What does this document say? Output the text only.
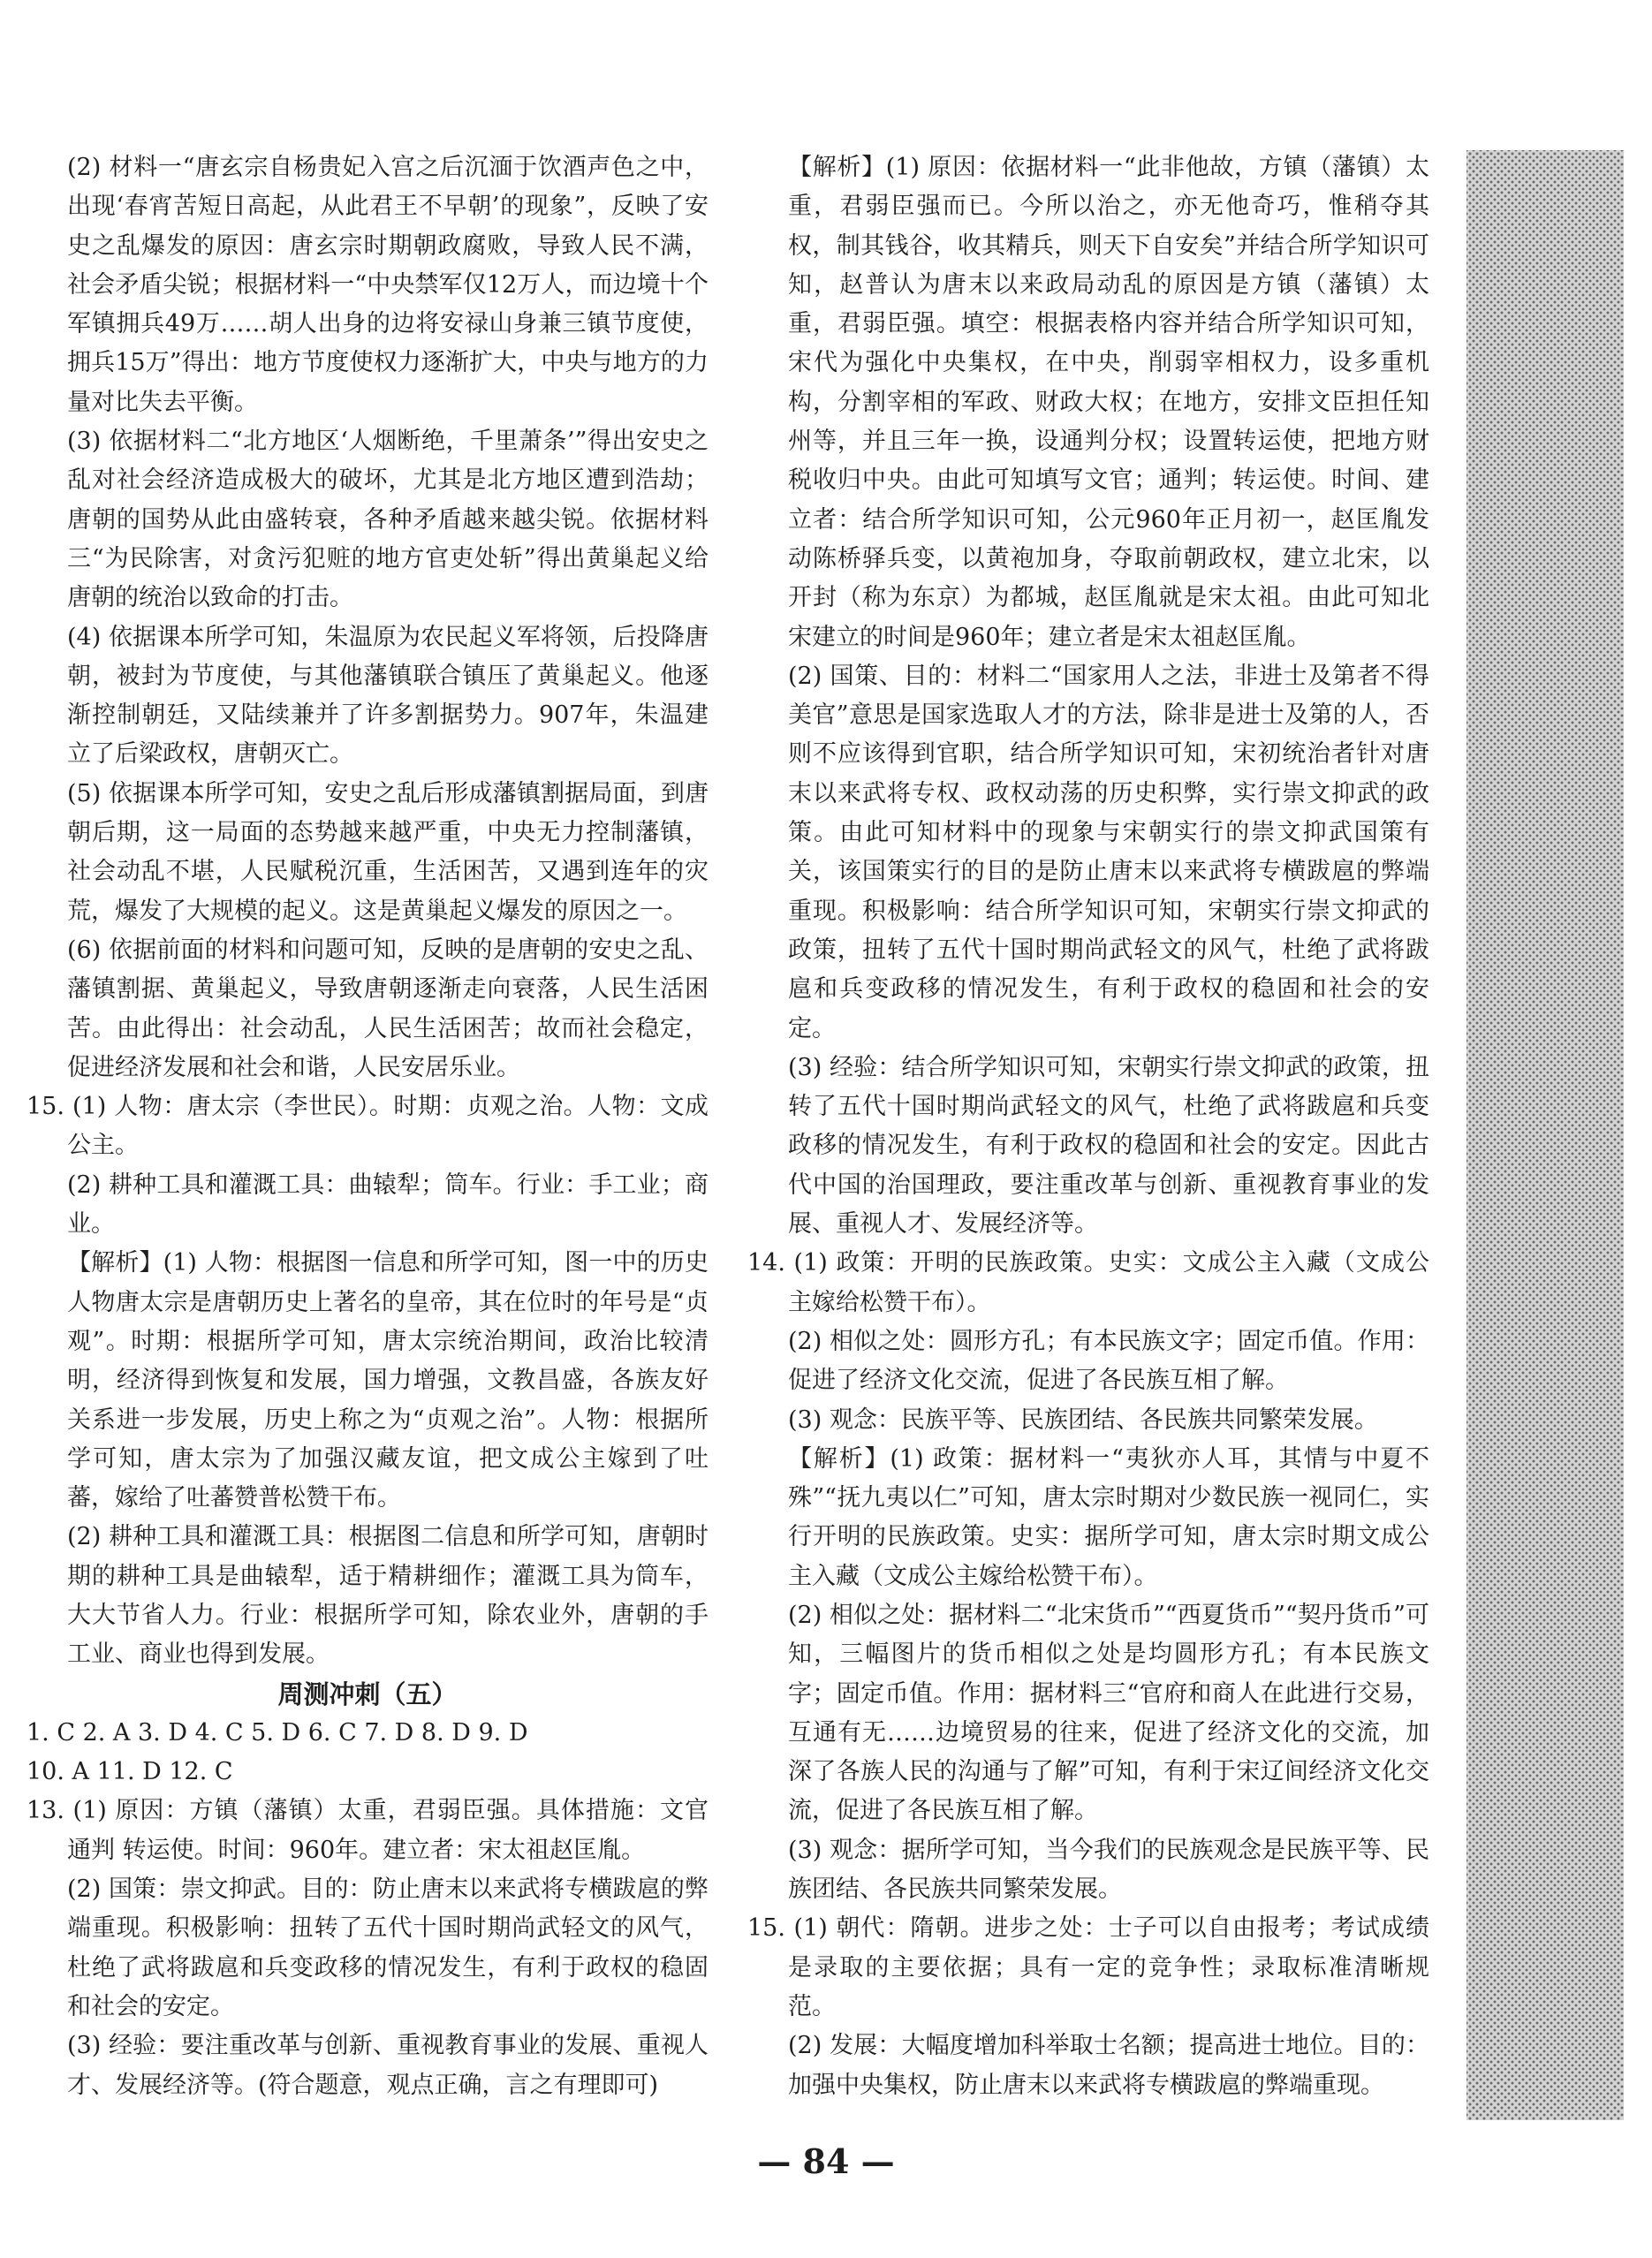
(2) 材料一“唐玄宗自杨贵妃入宫之后沉湎于饮酒声色之中，出现‘春宵苦短日高起，从此君王不早朝’的现象”，反映了安史之乱爆发的原因：唐玄宗时期朝政腐败，导致人民不满，社会矛盾尖锐；根据材料一“中央禁军仅12万人，而边境十个军镇拥兵49万……胡人出身的边将安禄山身兼三镇节度使，拥兵15万”得出：地方节度使权力逐渐扩大，中央与地方的力量对比失去平衡。

(3) 依据材料二“北方地区‘人烟断绝，千里萧条’”得出安史之乱对社会经济造成极大的破坏，尤其是北方地区遭到浩劫；唐朝的国势从此由盛转衰，各种矛盾越来越尖锐。依据材料三“为民除害，对贪污犯赃的地方官吏处斩”得出黄巢起义给唐朝的统治以致命的打击。

(4) 依据课本所学可知，朱温原为农民起义军将领，后投降唐朝，被封为节度使，与其他藩镇联合镇压了黄巢起义。他逐渐控制朝廷，又陆续兼并了许多割据势力。907年，朱温建立了后梁政权，唐朝灭亡。

(5) 依据课本所学可知，安史之乱后形成藩镇割据局面，到唐朝后期，这一局面的态势越来越严重，中央无力控制藩镇，社会动乱不堪，人民赋税沉重，生活困苦，又遇到连年的灾荒，爆发了大规模的起义。这是黄巢起义爆发的原因之一。

(6) 依据前面的材料和问题可知，反映的是唐朝的安史之乱、藩镇割据、黄巢起义，导致唐朝逐渐走向衰落，人民生活困苦。由此得出：社会动乱，人民生活困苦；故而社会稳定，促进经济发展和社会和谐，人民安居乐业。

15. (1) 人物：唐太宗（李世民）。时期：贞观之治。人物：文成公主。

(2) 耕种工具和灌溉工具：曲辕犁；筒车。行业：手工业；商业。

【解析】(1) 人物：根据图一信息和所学可知，图一中的历史人物唐太宗是唐朝历史上著名的皇帝，其在位时的年号是“贞观”。时期：根据所学可知，唐太宗统治期间，政治比较清明，经济得到恢复和发展，国力增强，文教昌盛，各族友好关系进一步发展，历史上称之为“贞观之治”。人物：根据所学可知，唐太宗为了加强汉藏友谊，把文成公主嫁到了吐蕃，嫁给了吐蕃赞普松赞干布。

(2) 耕种工具和灌溉工具：根据图二信息和所学可知，唐朝时期的耕种工具是曲辕犁，适于精耕细作；灌溉工具为筒车，大大节省人力。行业：根据所学可知，除农业外，唐朝的手工业、商业也得到发展。

周测冲刺（五）

1. C 2. A 3. D 4. C 5. D 6. C 7. D 8. D 9. D

10. A 11. D 12. C

13. (1) 原因：方镇（藩镇）太重，君弱臣强。具体措施：文官 通判 转运使。时间：960年。建立者：宋太祖赵匡胤。

(2) 国策：崇文抑武。目的：防止唐末以来武将专横跋扈的弊端重现。积极影响：扭转了五代十国时期尚武轻文的风气，杜绝了武将跋扈和兵变政移的情况发生，有利于政权的稳固和社会的安定。

(3) 经验：要注重改革与创新、重视教育事业的发展、重视人才、发展经济等。(符合题意，观点正确，言之有理即可)

【解析】(1) 原因：依据材料一“此非他故，方镇（藩镇）太重，君弱臣强而已。今所以治之，亦无他奇巧，惟稍夺其权，制其钱谷，收其精兵，则天下自安矣”并结合所学知识可知，赵普认为唐末以来政局动乱的原因是方镇（藩镇）太重，君弱臣强。填空：根据表格内容并结合所学知识可知，宋代为强化中央集权，在中央，削弱宰相权力，设多重机构，分割宰相的军政、财政大权；在地方，安排文臣担任知州等，并且三年一换，设通判分权；设置转运使，把地方财税收归中央。由此可知填写文官；通判；转运使。时间、建立者：结合所学知识可知，公元960年正月初一，赵匡胤发动陈桥驿兵变，以黄袍加身，夺取前朝政权，建立北宋，以开封（称为东京）为都城，赵匡胤就是宋太祖。由此可知北宋建立的时间是960年；建立者是宋太祖赵匡胤。

(2) 国策、目的：材料二“国家用人之法，非进士及第者不得美官”意思是国家选取人才的方法，除非是进士及第的人，否则不应该得到官职，结合所学知识可知，宋初统治者针对唐末以来武将专权、政权动荡的历史积弊，实行崇文抑武的政策。由此可知材料中的现象与宋朝实行的崇文抑武国策有关，该国策实行的目的是防止唐末以来武将专横跋扈的弊端重现。积极影响：结合所学知识可知，宋朝实行崇文抑武的政策，扭转了五代十国时期尚武轻文的风气，杜绝了武将跋扈和兵变政移的情况发生，有利于政权的稳固和社会的安定。

(3) 经验：结合所学知识可知，宋朝实行崇文抑武的政策，扭转了五代十国时期尚武轻文的风气，杜绝了武将跋扈和兵变政移的情况发生，有利于政权的稳固和社会的安定。因此古代中国的治国理政，要注重改革与创新、重视教育事业的发展、重视人才、发展经济等。

14. (1) 政策：开明的民族政策。史实：文成公主入藏（文成公主嫁给松赞干布）。

(2) 相似之处：圆形方孔；有本民族文字；固定币值。作用：促进了经济文化交流，促进了各民族互相了解。

(3) 观念：民族平等、民族团结、各民族共同繁荣发展。

【解析】(1) 政策：据材料一“夷狄亦人耳，其情与中夏不殊”“抚九夷以仁”可知，唐太宗时期对少数民族一视同仁，实行开明的民族政策。史实：据所学可知，唐太宗时期文成公主入藏（文成公主嫁给松赞干布）。

(2) 相似之处：据材料二“北宋货币”“西夏货币”“契丹货币”可知，三幅图片的货币相似之处是均圆形方孔；有本民族文字；固定币值。作用：据材料三“官府和商人在此进行交易，互通有无……边境贸易的往来，促进了经济文化的交流，加深了各族人民的沟通与了解”可知，有利于宋辽间经济文化交流，促进了各民族互相了解。

(3) 观念：据所学可知，当今我们的民族观念是民族平等、民族团结、各民族共同繁荣发展。

15. (1) 朝代：隋朝。进步之处：士子可以自由报考；考试成绩是录取的主要依据；具有一定的竞争性；录取标准清晰规范。

(2) 发展：大幅度增加科举取士名额；提高进士地位。目的：加强中央集权，防止唐末以来武将专横跋扈的弊端重现。

— 84 —
